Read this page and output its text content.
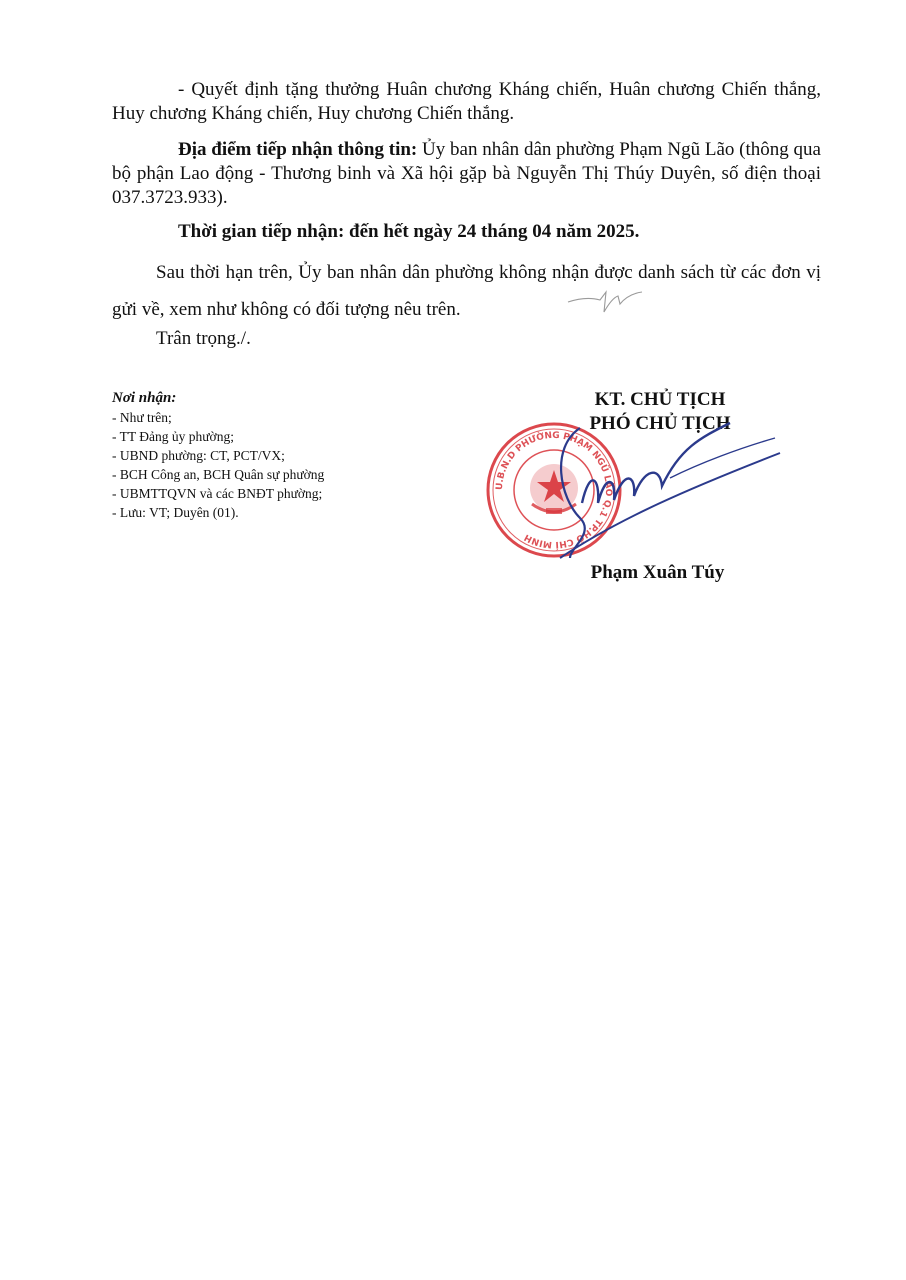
- Quyết định tặng thưởng Huân chương Kháng chiến, Huân chương Chiến thắng, Huy chương Kháng chiến, Huy chương Chiến thắng.
Địa điểm tiếp nhận thông tin: Ủy ban nhân dân phường Phạm Ngũ Lão (thông qua bộ phận Lao động - Thương binh và Xã hội gặp bà Nguyễn Thị Thúy Duyên, số điện thoại 037.3723.933).
Thời gian tiếp nhận: đến hết ngày 24 tháng 04 năm 2025.
Sau thời hạn trên, Ủy ban nhân dân phường không nhận được danh sách từ các đơn vị gửi về, xem như không có đối tượng nêu trên.
Trân trọng./.
Nơi nhận:
- Như trên;
- TT Đảng ủy phường;
- UBND phường: CT, PCT/VX;
- BCH Công an, BCH Quân sự phường
- UBMTTQVN và các BNĐT phường;
- Lưu: VT; Duyên (01).
KT. CHỦ TỊCH
PHÓ CHỦ TỊCH
U.B.N.D PHƯỜNG PHẠM NGŨ LÃO Q.1 TP.HỒ CHÍ MINH
Phạm Xuân Túy
